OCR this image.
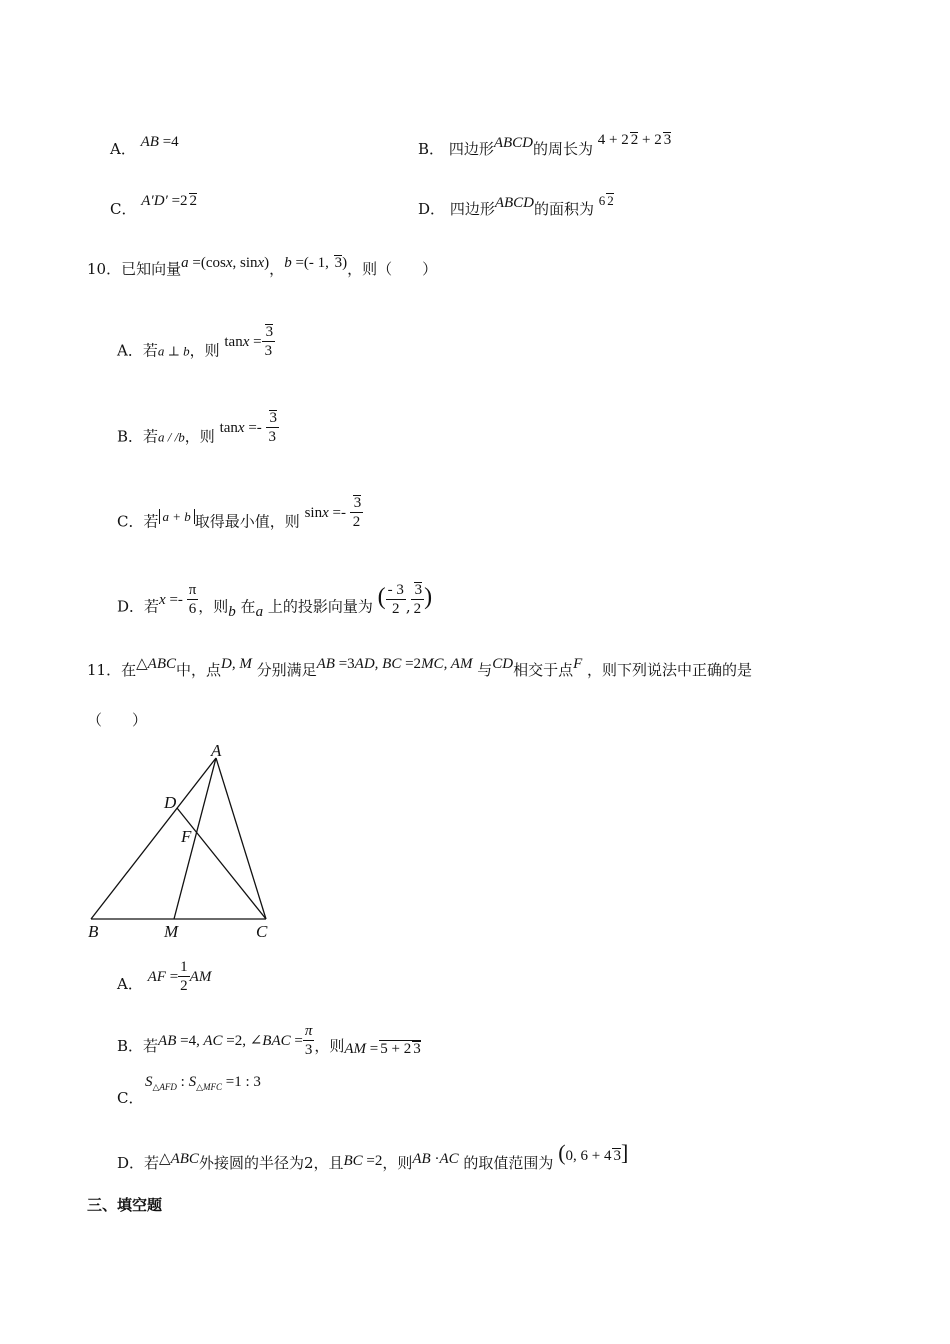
A． AB =4	B． 四边形ABCD的周长为 4 + 2 2 + 2 3
C． A′D′ =2 2	D． 四边形ABCD的面积为 6 2
10．已知向量a =(cosx, sinx)，b =(- 1, 3)，则（　　）
A．若a ⊥ b，则 $\tan x = \frac{3}{3}$
B．若a / /b，则 $\tan x =- \frac{3}{3}$
C．若 a + b 取得最小值，则 $\sin x =- \frac{3}{2}$
D．若$x =- \frac{\pi}{6}$ ，则b 在a 上的投影向量为 ( $\frac{- 3}{2}$ , $\frac{3}{2}$ )
11．在△ABC中，点D, M 分别满足AB =3AD, BC =2MC, AM 与CD相交于点F ，则下列说法中正确的是
（　　）
A
D
F
B	M	C
A． AF = $\frac{1}{2}$ AM
B．若AB =4, AC =2, ∠BAC = $\frac{\pi}{3}$ ，则AM = 5 + 2 3
$S_{\triangle AFD}$ : $S_{\triangle MFC} =1$ : 3
C．
D．若△ABC外接圆的半径为2，且BC =2，则AB ·AC 的取值范围为 (0, 6 + 4 3]
三、填空题
